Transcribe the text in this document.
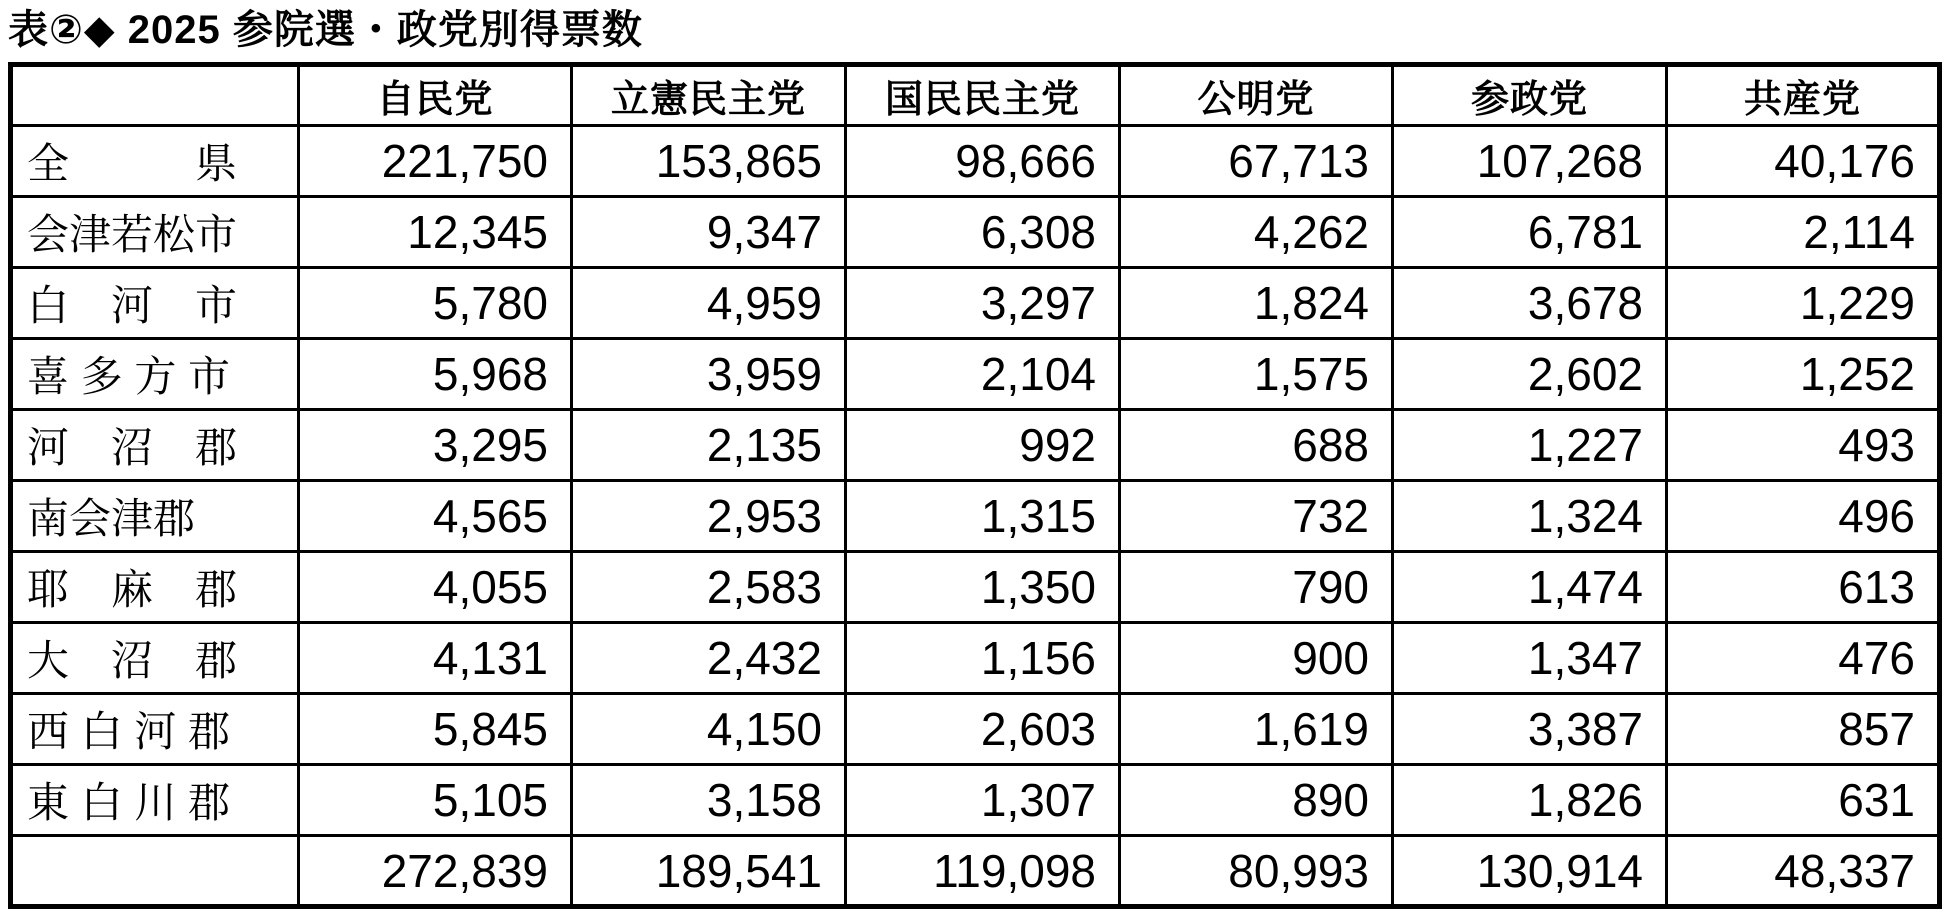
表②◆ 2025 参院選・政党別得票数
	自民党	立憲民主党	国民民主党	公明党	参政党	共産党
全　　　県	221,750	153,865	98,666	67,713	107,268	40,176
会津若松市	12,345	9,347	6,308	4,262	6,781	2,114
白　河　市	5,780	4,959	3,297	1,824	3,678	1,229
喜 多 方 市	5,968	3,959	2,104	1,575	2,602	1,252
河　沼　郡	3,295	2,135	992	688	1,227	493
南会津郡	4,565	2,953	1,315	732	1,324	496
耶　麻　郡	4,055	2,583	1,350	790	1,474	613
大　沼　郡	4,131	2,432	1,156	900	1,347	476
西 白 河 郡	5,845	4,150	2,603	1,619	3,387	857
東 白 川 郡	5,105	3,158	1,307	890	1,826	631
	272,839	189,541	119,098	80,993	130,914	48,337
